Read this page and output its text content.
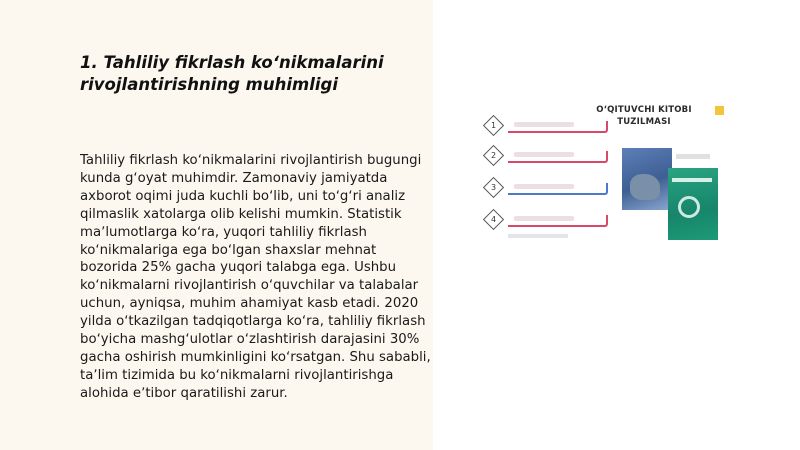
1. Tahliliy fikrlash koʻnikmalarini rivojlantirishning muhimligi

Tahliliy fikrlash koʻnikmalarini rivojlantirish bugungi kunda gʻoyat muhimdir. Zamonaviy jamiyatda axborot oqimi juda kuchli boʻlib, uni toʻgʻri analiz qilmaslik xatolarga olib kelishi mumkin. Statistik maʼlumotlarga koʻra, yuqori tahliliy fikrlash koʻnikmalariga ega boʻlgan shaxslar mehnat bozorida 25% gacha yuqori talabga ega. Ushbu koʻnikmalarni rivojlantirish oʻquvchilar va talabalar uchun, ayniqsa, muhim ahamiyat kasb etadi. 2020 yilda oʻtkazilgan tadqiqotlarga koʻra, tahliliy fikrlash boʻyicha mashgʻulotlar oʻzlashtirish darajasini 30% gacha oshirish mumkinligini koʻrsatgan. Shu sababli, taʼlim tizimida bu koʻnikmalarni rivojlantirishga alohida eʼtibor qaratilishi zarur.

O‘QITUVCHI KITOBI
TUZILMASI
1
2
3
4
